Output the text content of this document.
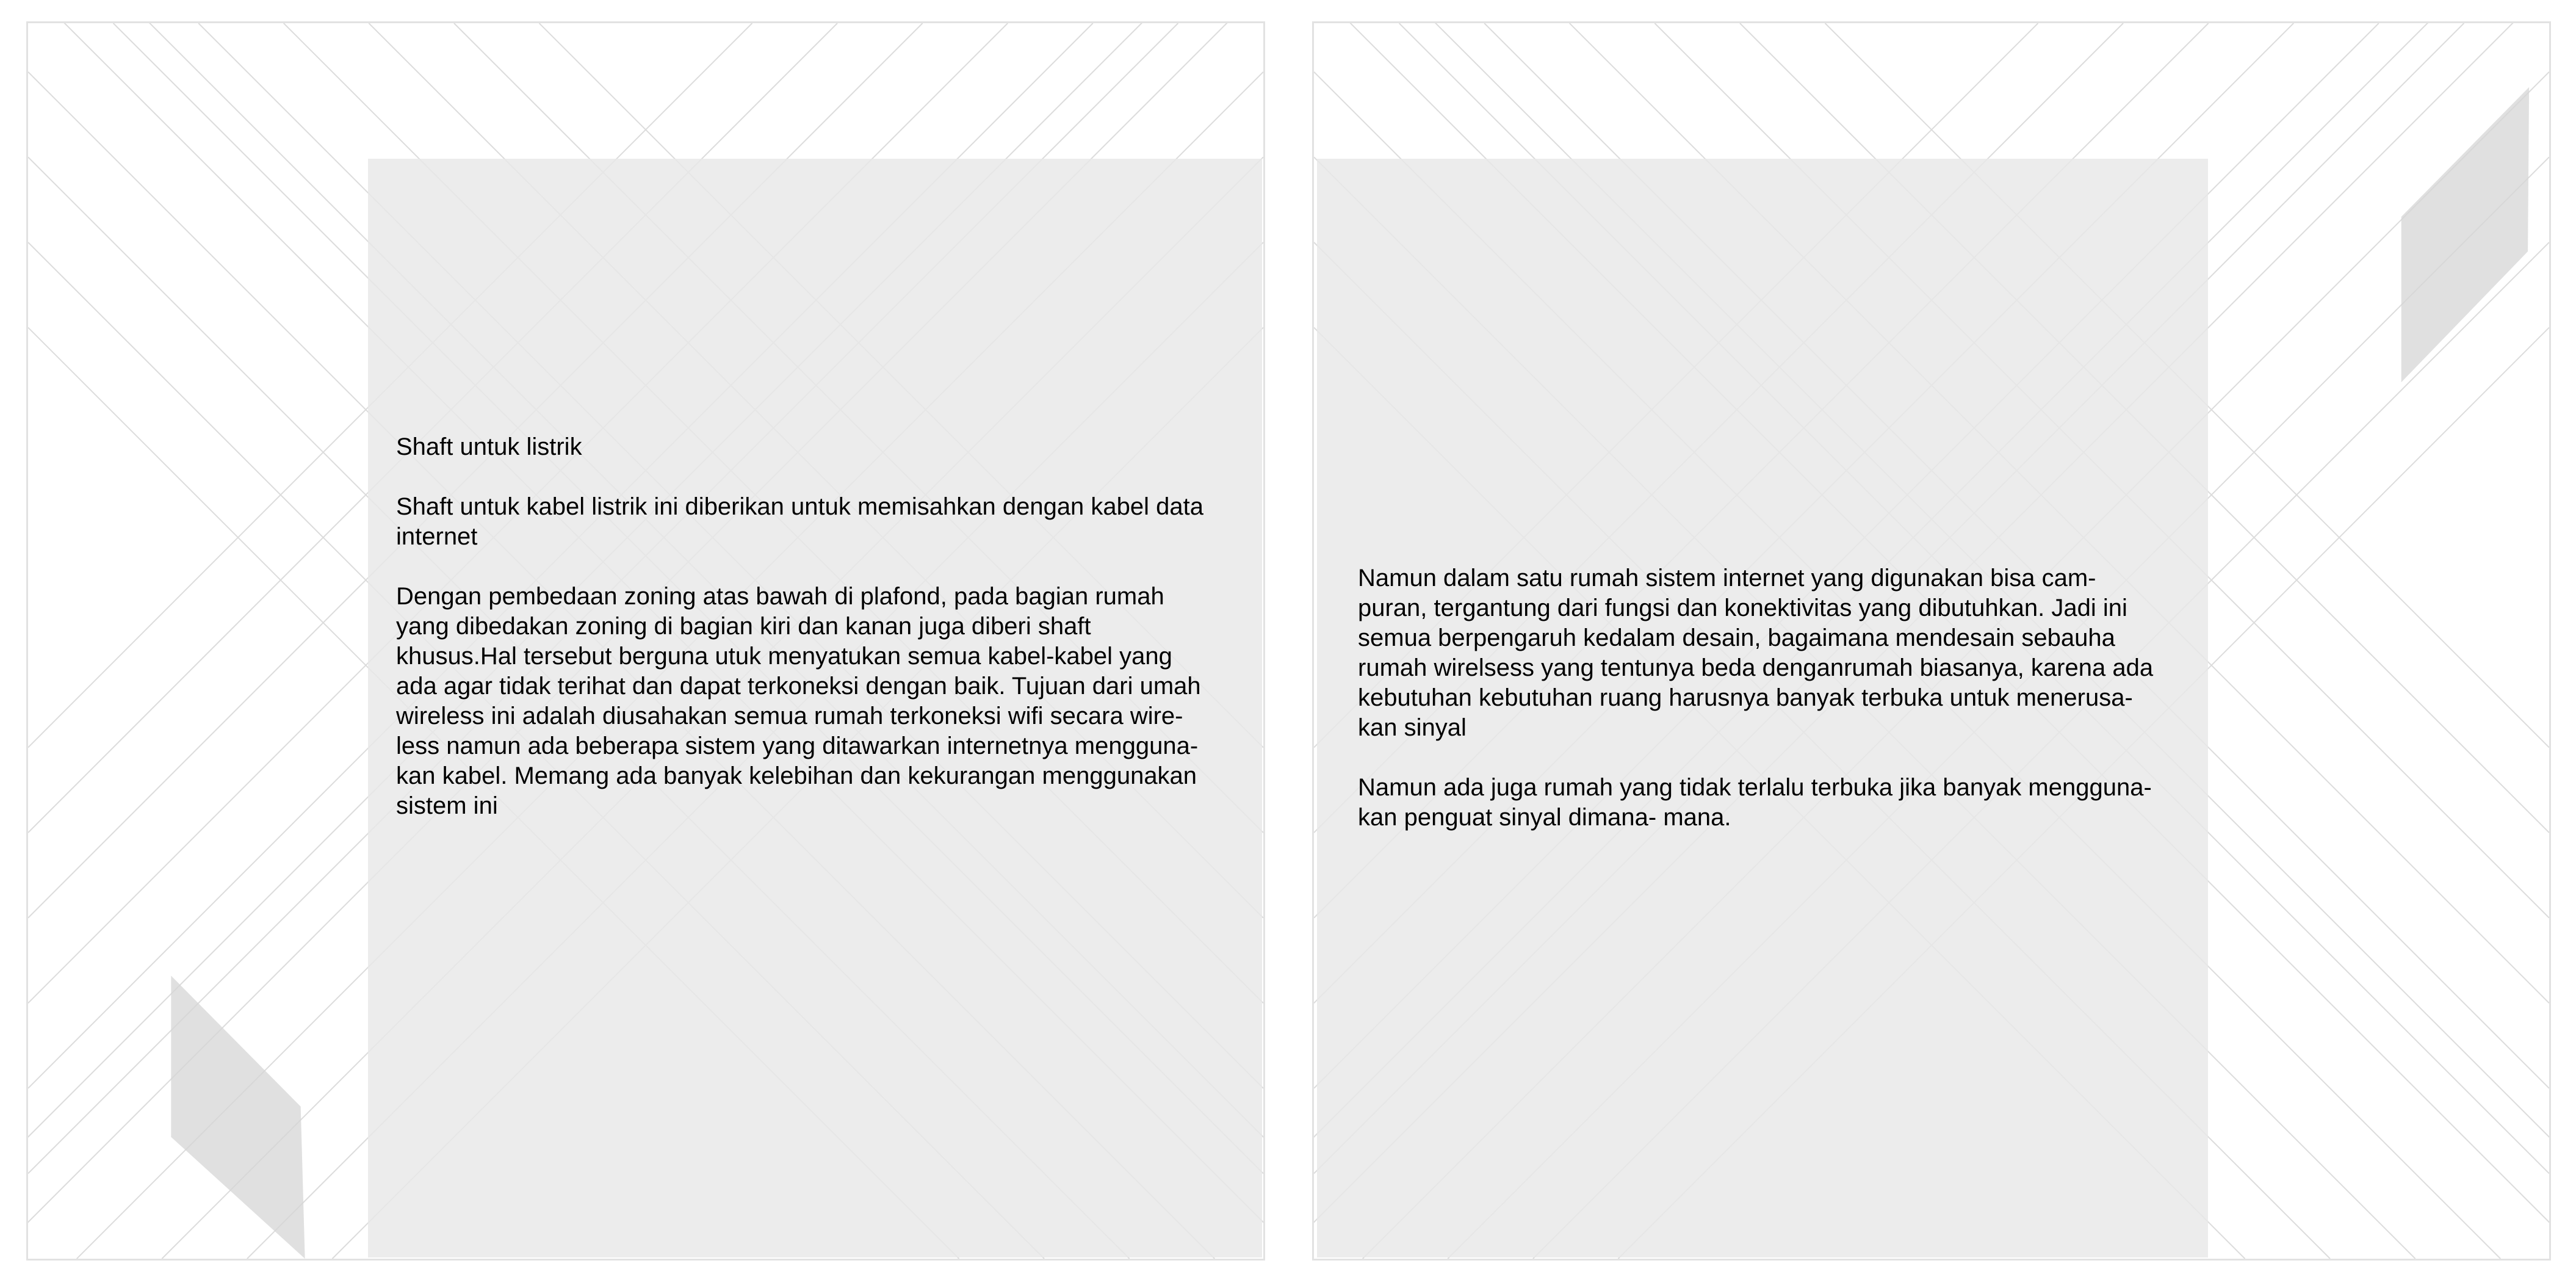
Shaft untuk listrik

Shaft untuk kabel listrik ini diberikan untuk memisahkan dengan kabel data
internet

Dengan pembedaan zoning atas bawah di plafond, pada bagian rumah
yang dibedakan zoning di bagian kiri dan kanan juga diberi shaft
khusus.Hal tersebut berguna utuk menyatukan semua kabel-kabel yang
ada agar tidak terihat dan dapat terkoneksi dengan baik. Tujuan dari umah
wireless ini adalah diusahakan semua rumah terkoneksi wifi secara wire-
less namun ada beberapa sistem yang ditawarkan internetnya mengguna-
kan kabel. Memang ada banyak kelebihan dan kekurangan menggunakan
sistem ini

Namun dalam satu rumah sistem internet yang digunakan bisa cam-
puran, tergantung dari fungsi dan konektivitas yang dibutuhkan. Jadi ini
semua berpengaruh kedalam desain, bagaimana mendesain sebauha
rumah wirelsess yang tentunya beda denganrumah biasanya, karena ada
kebutuhan kebutuhan ruang harusnya banyak terbuka untuk menerusa-
kan sinyal

Namun ada juga rumah yang tidak terlalu terbuka jika banyak mengguna-
kan penguat sinyal dimana- mana.
